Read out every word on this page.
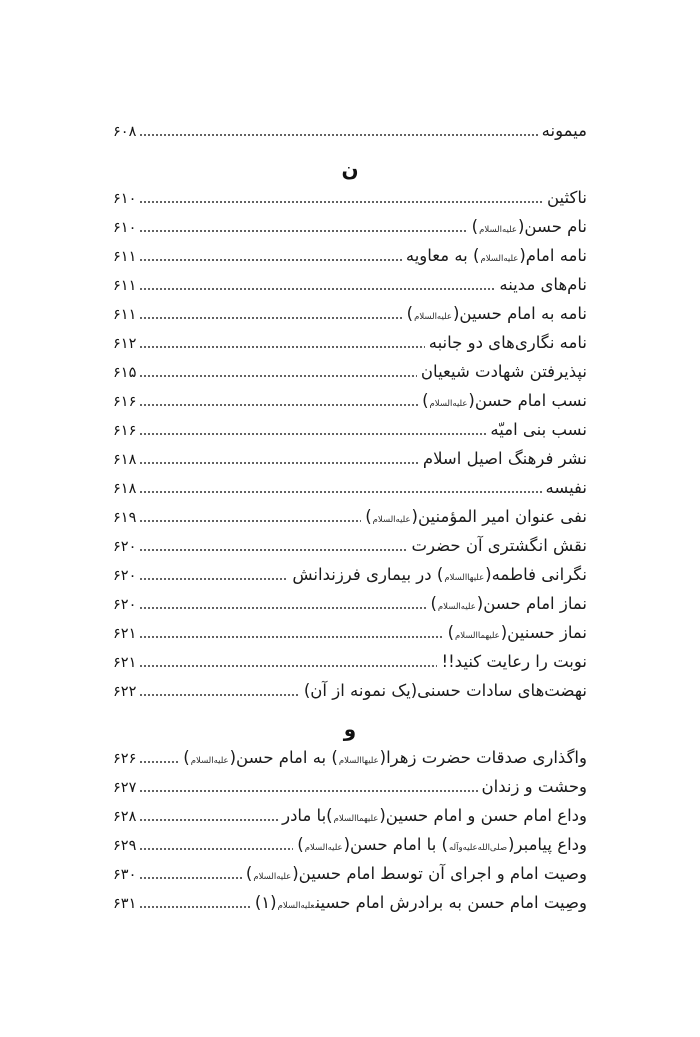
میمونه
۶۰۸
ن
ناکثین
۶۱۰
نام حسن(علیه‌السلام)
۶۱۰
نامه امام(علیه‌السلام) به معاویه
۶۱۱
نام‌های مدینه
۶۱۱
نامه به امام حسین(علیه‌السلام)
۶۱۱
نامه نگاری‌های دو جانبه
۶۱۲
نپذیرفتن شهادت شیعیان
۶۱۵
نسب امام حسن(علیه‌السلام)
۶۱۶
نسب بنی امیّه
۶۱۶
نشر فرهنگ اصیل اسلام
۶۱۸
نفیسه
۶۱۸
نفی عنوان امیر المؤمنین(علیه‌السلام)
۶۱۹
نقش انگشتری آن حضرت
۶۲۰
نگرانی فاطمه(علیهاالسلام) در بیماری فرزندانش
۶۲۰
نماز امام حسن(علیه‌السلام)
۶۲۰
نماز حسنین(علیهما‌السلام)
۶۲۱
نوبت را رعایت کنید!!
۶۲۱
نهضت‌های سادات حسنی(یک نمونه از آن)
۶۲۲
و
واگذاری صدقات حضرت زهرا(علیهاالسلام) به امام حسن(علیه‌السلام)
۶۲۶
وحشت و زندان
۶۲۷
وداع امام حسن و امام حسین(علیهما‌السلام)با مادر
۶۲۸
وداع پیامبر(صلی‌الله‌علیه‌وآله) با امام حسن(علیه‌السلام)
۶۲۹
وصیت امام و اجرای آن توسط امام حسین(علیه‌السلام)
۶۳۰
وصِیت امام حسن به برادرش امام حسینعلیه‌السلام(۱)
۶۳۱
